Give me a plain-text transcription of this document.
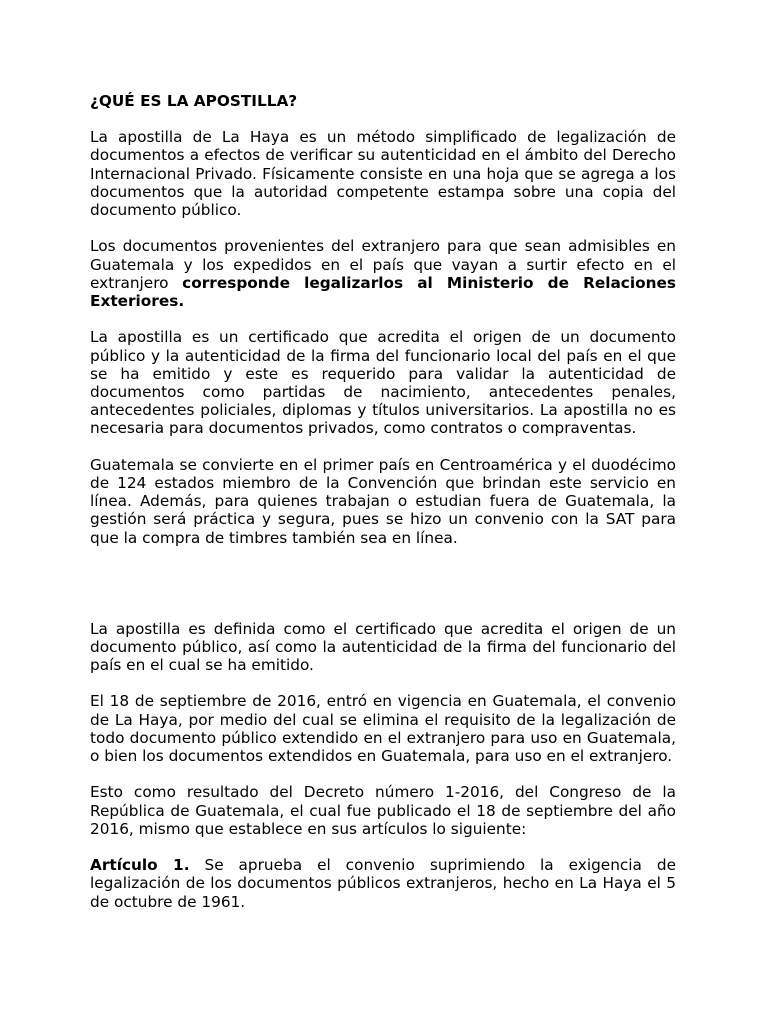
¿QUÉ ES LA APOSTILLA?

La apostilla de La Haya es un método simplificado de legalización de documentos a efectos de verificar su autenticidad en el ámbito del Derecho Internacional Privado. Físicamente consiste en una hoja que se agrega a los documentos que la autoridad competente estampa sobre una copia del documento público.

Los documentos provenientes del extranjero para que sean admisibles en Guatemala y los expedidos en el país que vayan a surtir efecto en el extranjero corresponde legalizarlos al Ministerio de Relaciones Exteriores.

La apostilla es un certificado que acredita el origen de un documento público y la autenticidad de la firma del funcionario local del país en el que se ha emitido y este es requerido para validar la autenticidad de documentos como partidas de nacimiento, antecedentes penales, antecedentes policiales, diplomas y títulos universitarios. La apostilla no es necesaria para documentos privados, como contratos o compraventas.

Guatemala se convierte en el primer país en Centroamérica y el duodécimo de 124 estados miembro de la Convención que brindan este servicio en línea. Además, para quienes trabajan o estudian fuera de Guatemala, la gestión será práctica y segura, pues se hizo un convenio con la SAT para que la compra de timbres también sea en línea.

La apostilla es definida como el certificado que acredita el origen de un documento público, así como la autenticidad de la firma del funcionario del país en el cual se ha emitido.

El 18 de septiembre de 2016, entró en vigencia en Guatemala, el convenio de La Haya, por medio del cual se elimina el requisito de la legalización de todo documento público extendido en el extranjero para uso en Guatemala, o bien los documentos extendidos en Guatemala, para uso en el extranjero.

Esto como resultado del Decreto número 1-2016, del Congreso de la República de Guatemala, el cual fue publicado el 18 de septiembre del año 2016, mismo que establece en sus artículos lo siguiente:

Artículo 1. Se aprueba el convenio suprimiendo la exigencia de legalización de los documentos públicos extranjeros, hecho en La Haya el 5 de octubre de 1961.
